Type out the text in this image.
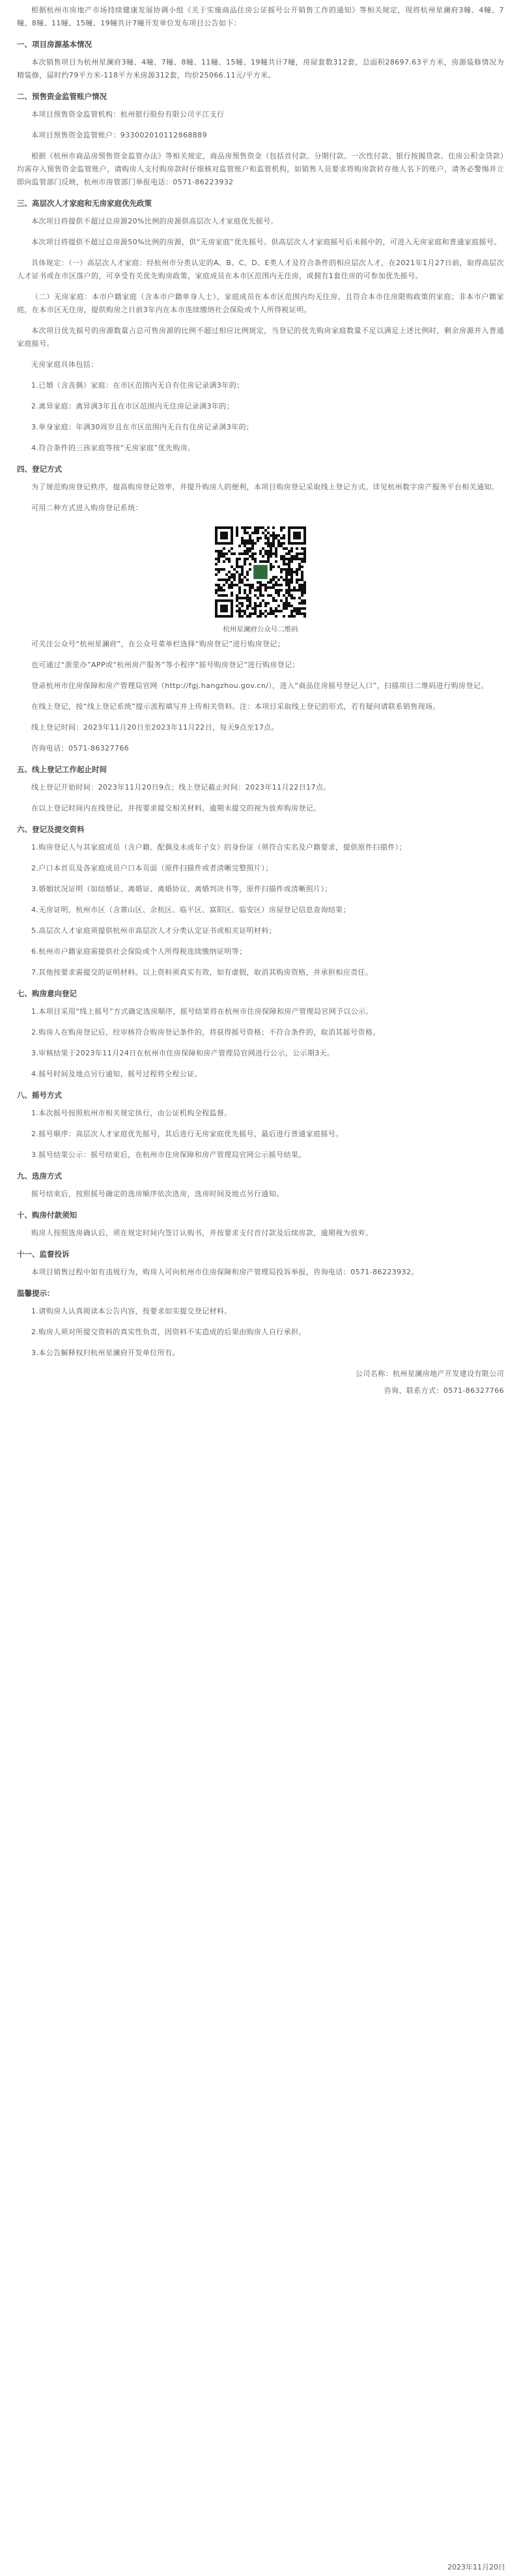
根据杭州市房地产市场持续健康发展协调小组《关于实施商品住房公证摇号公开销售工作的通知》等相关规定，现将杭州星澜府3幢、4幢、7幢、8幢、11幢、15幢、19幢共计7幢开发单位发布项目公告如下：

一、项目房源基本情况

本次销售项目为杭州星澜府3幢、4幢、7幢、8幢、11幢、15幢、19幢共计7幢，房屋套数312套，总面积28697.63平方米，房源装修情况为精装修，届时约79平方米-118平方米房源312套，均价25066.11元/平方米。

二、预售资金监管账户情况

本项目预售资金监管机构：杭州银行股份有限公司平江支行

本项目预售资金监管账户：933002010112868889

根据《杭州市商品房预售资金监管办法》等相关规定，商品房预售资金（包括首付款、分期付款、一次性付款、银行按揭贷款、住房公积金贷款）均需存入预售资金监管账户，请购房人支付购房款时仔细核对监管账户和监管机构，如销售人员要求将购房款转存他人名下的账户，请务必警惕并立即向监管部门反映，杭州市房管部门举报电话：0571-86223932

三、高层次人才家庭和无房家庭优先政策

本次项目将提供不超过总房源20%比例的房源供高层次人才家庭优先摇号。

本次项目将提供不超过总房源50%比例的房源，供“无房家庭”优先摇号。供高层次人才家庭摇号后未摇中的，可进入无房家庭和普通家庭摇号。

具体规定：（一）高层次人才家庭：经杭州市分类认定的A、B、C、D、E类人才及符合条件的相应层次人才，在2021年1月27日前，取得高层次人才证书或在市区落户的，可享受有关优先购房政策，家庭成员在本市区范围内无住房，或拥有1套住房的可参加优先摇号。

（二）无房家庭：本市户籍家庭（含本市户籍单身人士），家庭成员在本市区范围内均无住房，且符合本市住房限购政策的家庭；非本市户籍家庭，在本市区无住房，提供购房之日前3年内在本市连续缴纳社会保险或个人所得税证明。

本次项目优先摇号的房源数量占总可售房源的比例不超过相应比例规定，当登记的优先购房家庭数量不足以满足上述比例时，剩余房源并入普通家庭摇号。

无房家庭具体包括：

1.已婚（含丧偶）家庭：在市区范围内无自有住房记录满3年的；

2.离异家庭：离异满3年且在市区范围内无住房记录满3年的；

3.单身家庭：年满30周岁且在市区范围内无自有住房记录满3年的；

4.符合条件的三孩家庭等按“无房家庭”优先购房。

四、登记方式

为了规范购房登记秩序，提高购房登记效率，并提升购房人的便利，本项目购房登记采取线上登记方式。详见杭州数字房产服务平台相关通知。

可用二种方式进入购房登记系统：

杭州星澜府公众号二维码

可关注公众号“杭州星澜府”，在公众号菜单栏选择“购房登记”进行购房登记；

也可通过“浙里办”APP或“杭州房产服务”等小程序“摇号购房登记”进行购房登记；

登录杭州市住房保障和房产管理局官网（http://fgj.hangzhou.gov.cn/），进入“商品住房摇号登记入口”，扫描项目二维码进行购房登记。

在线上登记，按“线上登记系统”提示流程填写并上传相关资料。注：本项目采取线上登记的形式，若有疑问请联系销售现场。

线上登记时间：2023年11月20日至2023年11月22日，每天9点至17点。

咨询电话：0571-86327766

五、线上登记工作起止时间

线上登记开始时间：2023年11月20日9点；线上登记截止时间：2023年11月22日17点。

在以上登记时间内在线登记，并按要求提交相关材料，逾期未提交的视为放弃购房登记。

六、登记及提交资料

1.购房登记人与其家庭成员（含户籍、配偶及未成年子女）的身份证（须符合实名及户籍要求，提供原件扫描件）；

2.户口本首页及各家庭成员户口本页面（原件扫描件或者清晰完整照片）；

3.婚姻状况证明（如结婚证、离婚证、离婚协议、离婚判决书等，原件扫描件或清晰照片）；

4.无房证明，杭州市区（含萧山区、余杭区、临平区、富阳区、临安区）房屋登记信息查询结果；

5.高层次人才家庭须提供杭州市高层次人才分类认定证书或相关证明材料；

6.杭州市户籍家庭需提供社会保险或个人所得税连续缴纳证明等；

7.其他按要求需提交的证明材料。以上资料须真实有效，如有虚假，取消其购房资格，并承担相应责任。

七、购房意向登记

1.本项目采用“线上摇号”方式确定选房顺序，摇号结果将在杭州市住房保障和房产管理局官网予以公示。

2.购房人在购房登记后，经审核符合购房登记条件的，将获得摇号资格；不符合条件的，取消其摇号资格。

3.审核结果于2023年11月24日在杭州市住房保障和房产管理局官网进行公示，公示期3天。

4.摇号时间及地点另行通知，摇号过程将全程公证。

八、摇号方式

1.本次摇号按照杭州市相关规定执行，由公证机构全程监督。

2.摇号顺序：高层次人才家庭优先摇号，其后进行无房家庭优先摇号，最后进行普通家庭摇号。

3.摇号结果公示：摇号结束后，在杭州市住房保障和房产管理局官网公示摇号结果。

九、选房方式

摇号结束后，按照摇号确定的选房顺序依次选房，选房时间及地点另行通知。

十、购房付款须知

购房人按照选房确认后，须在规定时间内签订认购书，并按要求支付首付款及后续房款，逾期视为放弃。

十一、监督投诉

本项目销售过程中如有违规行为，购房人可向杭州市住房保障和房产管理局投诉举报，咨询电话：0571-86223932。

温馨提示：

1.请购房人认真阅读本公告内容，按要求如实提交登记材料。

2.购房人须对所提交资料的真实性负责，因资料不实造成的后果由购房人自行承担。

3.本公告解释权归杭州星澜府开发单位所有。

公司名称：杭州星澜房地产开发建设有限公司

咨询、联系方式：0571-86327766

2023年11月20日
